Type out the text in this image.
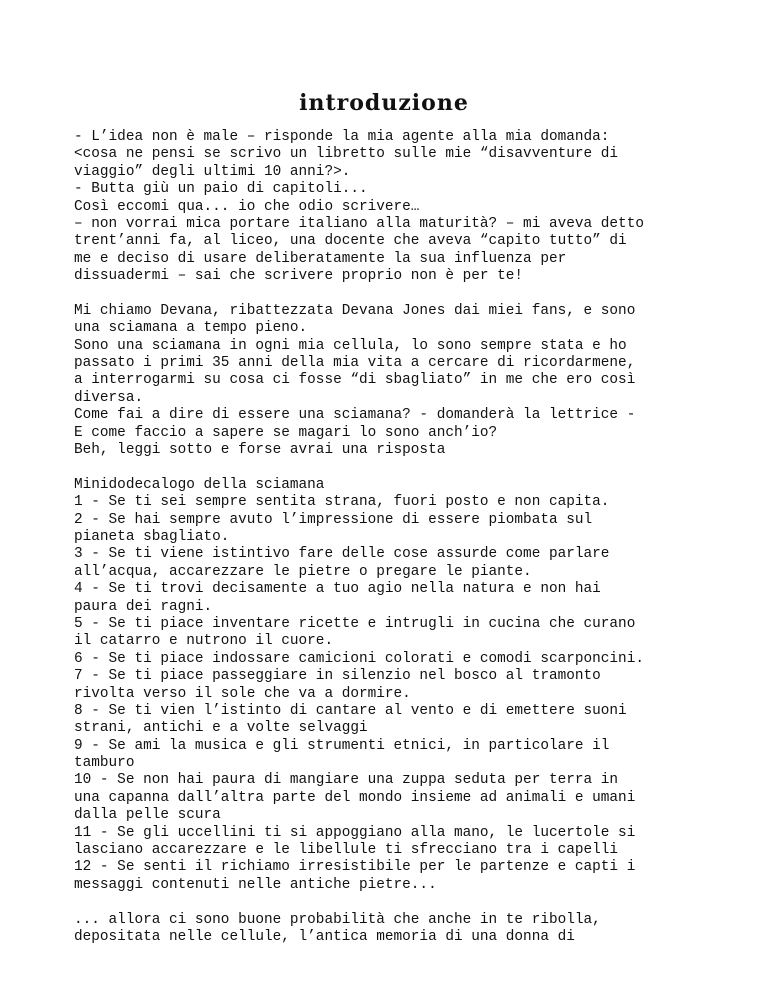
introduzione
- L’idea non è male – risponde la mia agente alla mia domanda:
<cosa ne pensi se scrivo un libretto sulle mie “disavventure di
viaggio” degli ultimi 10 anni?>.
- Butta giù un paio di capitoli...
Così eccomi qua... io che odio scrivere…
– non vorrai mica portare italiano alla maturità? – mi aveva detto
trent’anni fa, al liceo, una docente che aveva “capito tutto” di
me e deciso di usare deliberatamente la sua influenza per
dissuadermi – sai che scrivere proprio non è per te!
Mi chiamo Devana, ribattezzata Devana Jones dai miei fans, e sono
una sciamana a tempo pieno.
Sono una sciamana in ogni mia cellula, lo sono sempre stata e ho
passato i primi 35 anni della mia vita a cercare di ricordarmene,
a interrogarmi su cosa ci fosse “di sbagliato” in me che ero così
diversa.
Come fai a dire di essere una sciamana? - domanderà la lettrice -
E come faccio a sapere se magari lo sono anch’io?
Beh, leggi sotto e forse avrai una risposta
Minidodecalogo della sciamana
1 - Se ti sei sempre sentita strana, fuori posto e non capita.
2 - Se hai sempre avuto l’impressione di essere piombata sul
pianeta sbagliato.
3 - Se ti viene istintivo fare delle cose assurde come parlare
all’acqua, accarezzare le pietre o pregare le piante.
4 - Se ti trovi decisamente a tuo agio nella natura e non hai
paura dei ragni.
5 - Se ti piace inventare ricette e intrugli in cucina che curano
il catarro e nutrono il cuore.
6 - Se ti piace indossare camicioni colorati e comodi scarponcini.
7 - Se ti piace passeggiare in silenzio nel bosco al tramonto
rivolta verso il sole che va a dormire.
8 - Se ti vien l’istinto di cantare al vento e di emettere suoni
strani, antichi e a volte selvaggi
9 - Se ami la musica e gli strumenti etnici, in particolare il
tamburo
10 - Se non hai paura di mangiare una zuppa seduta per terra in
una capanna dall’altra parte del mondo insieme ad animali e umani
dalla pelle scura
11 - Se gli uccellini ti si appoggiano alla mano, le lucertole si
lasciano accarezzare e le libellule ti sfrecciano tra i capelli
12 - Se senti il richiamo irresistibile per le partenze e capti i
messaggi contenuti nelle antiche pietre...
... allora ci sono buone probabilità che anche in te ribolla,
depositata nelle cellule, l’antica memoria di una donna di
